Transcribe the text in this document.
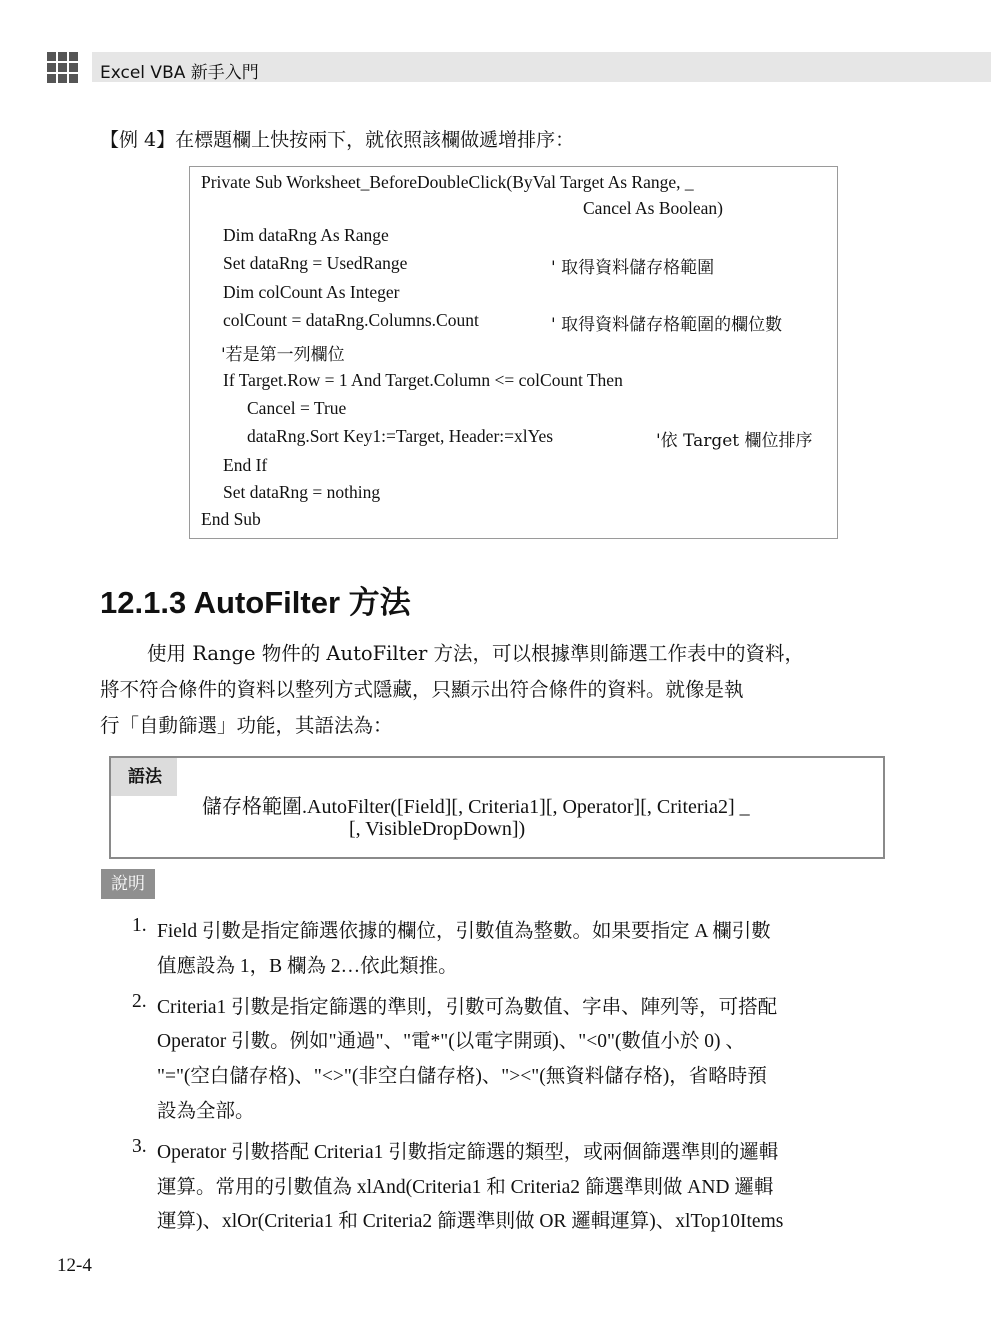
Excel VBA 新手入門
【例 4】在標題欄上快按兩下，就依照該欄做遞增排序：
Private Sub Worksheet_BeforeDoubleClick(ByVal Target As Range, _
Cancel As Boolean)
Dim dataRng As Range
Set dataRng = UsedRange	' 取得資料儲存格範圍
Dim colCount As Integer
colCount = dataRng.Columns.Count	' 取得資料儲存格範圍的欄位數
'若是第一列欄位
If Target.Row = 1 And Target.Column <= colCount Then
Cancel = True
dataRng.Sort Key1:=Target, Header:=xlYes	'依 Target 欄位排序
End If
Set dataRng = nothing
End Sub
12.1.3 AutoFilter 方法
使用 Range 物件的 AutoFilter 方法，可以根據準則篩選工作表中的資料，
將不符合條件的資料以整列方式隱藏，只顯示出符合條件的資料。就像是執
行「自動篩選」功能，其語法為：
語法
儲存格範圍.AutoFilter([Field][, Criteria1][, Operator][, Criteria2] _
[, VisibleDropDown])
說明
1. Field 引數是指定篩選依據的欄位，引數值為整數。如果要指定 A 欄引數
值應設為 1，B 欄為 2…依此類推。
2. Criteria1 引數是指定篩選的準則，引數可為數值、字串、陣列等，可搭配
Operator 引數。例如"通過"、"電*"(以電字開頭)、"<0"(數值小於 0) 、
"="(空白儲存格)、"<>"(非空白儲存格)、"><"(無資料儲存格)，省略時預
設為全部。
3. Operator 引數搭配 Criteria1 引數指定篩選的類型，或兩個篩選準則的邏輯
運算。常用的引數值為 xlAnd(Criteria1 和 Criteria2 篩選準則做 AND 邏輯
運算)、xlOr(Criteria1 和 Criteria2 篩選準則做 OR 邏輯運算)、xlTop10Items
12-4
